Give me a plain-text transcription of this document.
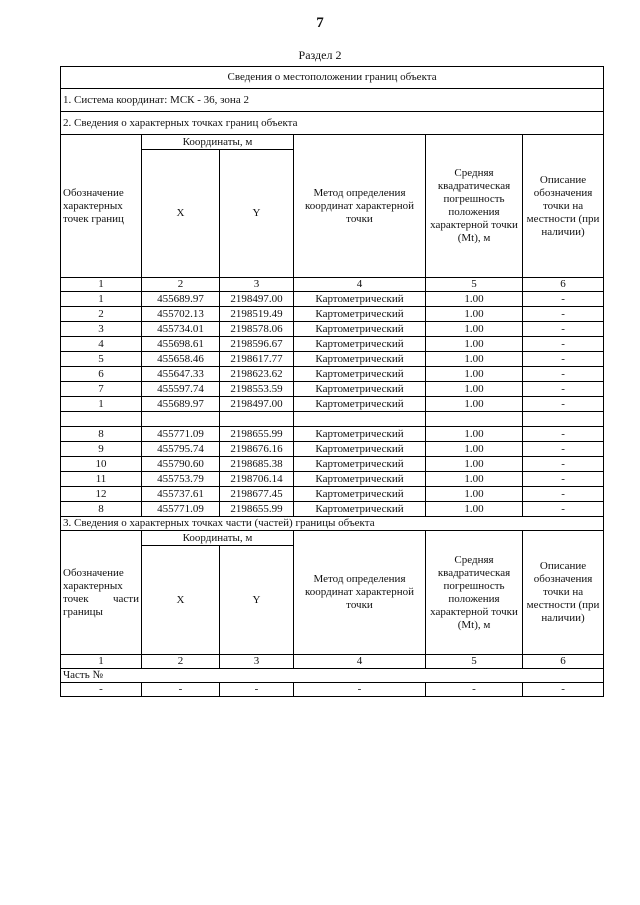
7
Раздел 2
Сведения о местоположении границ объекта					
1. Система координат: МСК - 36, зона 2					
2. Сведения о характерных точках границ объекта					
Обозначение характерных точек границ	Координаты, м		Метод определения координат характерной точки	Средняя квадратическая погрешность положения характерной точки (Mt), м	Описание обозначения точки на местности (при наличии)
	X	Y			
1	2	3	4	5	6
1	455689.97	2198497.00	Картометрический	1.00	-
2	455702.13	2198519.49	Картометрический	1.00	-
3	455734.01	2198578.06	Картометрический	1.00	-
4	455698.61	2198596.67	Картометрический	1.00	-
5	455658.46	2198617.77	Картометрический	1.00	-
6	455647.33	2198623.62	Картометрический	1.00	-
7	455597.74	2198553.59	Картометрический	1.00	-
1	455689.97	2198497.00	Картометрический	1.00	-

8	455771.09	2198655.99	Картометрический	1.00	-
9	455795.74	2198676.16	Картометрический	1.00	-
10	455790.60	2198685.38	Картометрический	1.00	-
11	455753.79	2198706.14	Картометрический	1.00	-
12	455737.61	2198677.45	Картометрический	1.00	-
8	455771.09	2198655.99	Картометрический	1.00	-
3. Сведения о характерных точках части (частей) границы объекта					
Обозначение характерных точек части границы	Координаты, м		Метод определения координат характерной точки	Средняя квадратическая погрешность положения характерной точки (Mt), м	Описание обозначения точки на местности (при наличии)
	X	Y			
1	2	3	4	5	6
Часть №					
-	-	-	-	-	-
